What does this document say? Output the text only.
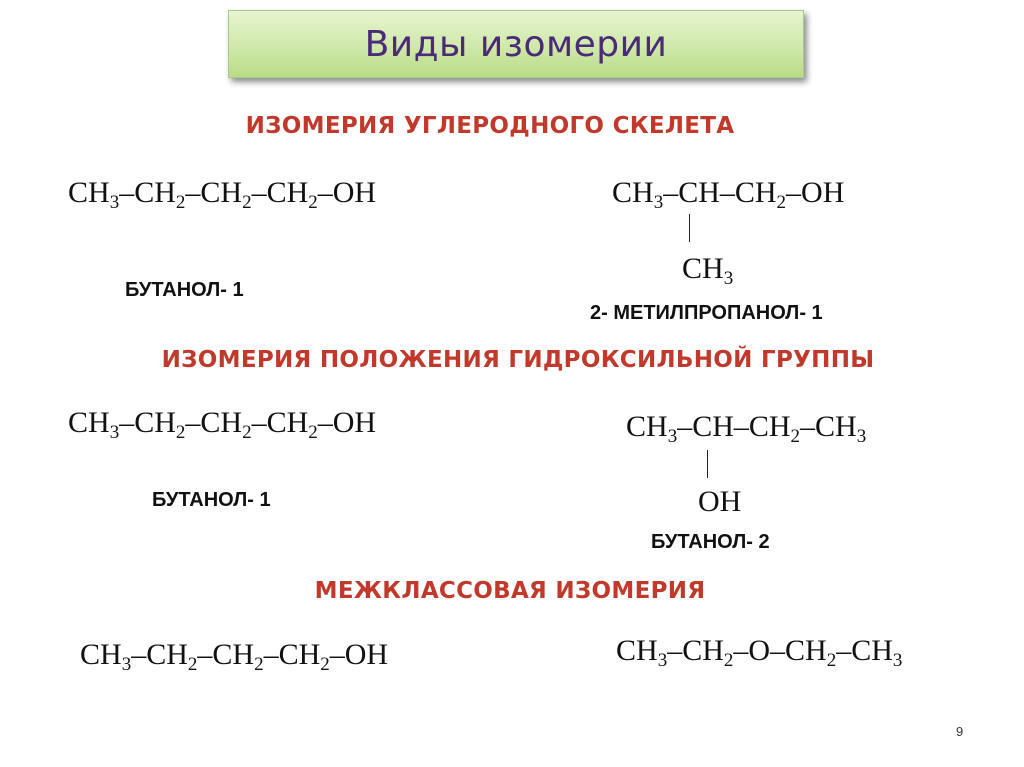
Виды изомерии
ИЗОМЕРИЯ УГЛЕРОДНОГО СКЕЛЕТА
$CH_3-CH_2-CH_2-CH_2-OH$	$CH_3-CH-CH_2-OH$
$CH_3$
БУТАНОЛ- 1
2- МЕТИЛПРОПАНОЛ- 1
ИЗОМЕРИЯ ПОЛОЖЕНИЯ ГИДРОКСИЛЬНОЙ ГРУППЫ
$CH_3-CH_2-CH_2-CH_2-OH$	$CH_3-CH-CH_2-CH_3$
OH
БУТАНОЛ- 1
БУТАНОЛ- 2
МЕЖКЛАССОВАЯ ИЗОМЕРИЯ
$CH_3-CH_2-CH_2-CH_2-OH$	$CH_3-CH_2-O-CH_2-CH_3$
9
